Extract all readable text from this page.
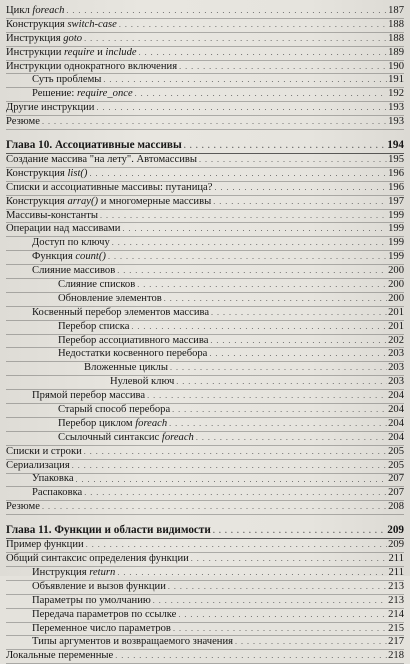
Цикл foreach . . .	187
Конструкция switch-case . . .	188
Инструкция goto . . .	188
Инструкции require и include . . .	189
Инструкции однократного включения . . .	190
Суть проблемы . . .	191
Решение: require_once . . .	192
Другие инструкции . . .	193
Резюме . . .	193
Глава 10. Ассоциативные массивы . . .	194
Создание массива "на лету". Автомассивы . . .	195
Конструкция list() . . .	196
Списки и ассоциативные массивы: путаница? . . .	196
Конструкция array() и многомерные массивы . . .	197
Массивы-константы . . .	199
Операции над массивами . . .	199
Доступ по ключу . . .	199
Функция count() . . .	199
Слияние массивов . . .	200
Слияние списков . . .	200
Обновление элементов . . .	200
Косвенный перебор элементов массива . . .	201
Перебор списка . . .	201
Перебор ассоциативного массива . . .	202
Недостатки косвенного перебора . . .	203
Вложенные циклы . . .	203
Нулевой ключ . . .	203
Прямой перебор массива . . .	204
Старый способ перебора . . .	204
Перебор циклом foreach . . .	204
Ссылочный синтаксис foreach . . .	204
Списки и строки . . .	205
Сериализация . . .	205
Упаковка . . .	207
Распаковка . . .	207
Резюме . . .	208
Глава 11. Функции и области видимости . . .	209
Пример функции . . .	209
Общий синтаксис определения функции . . .	211
Инструкция return . . .	211
Объявление и вызов функции . . .	213
Параметры по умолчанию . . .	213
Передача параметров по ссылке . . .	214
Переменное число параметров . . .	215
Типы аргументов и возвращаемого значения . . .	217
Локальные переменные . . .	218
